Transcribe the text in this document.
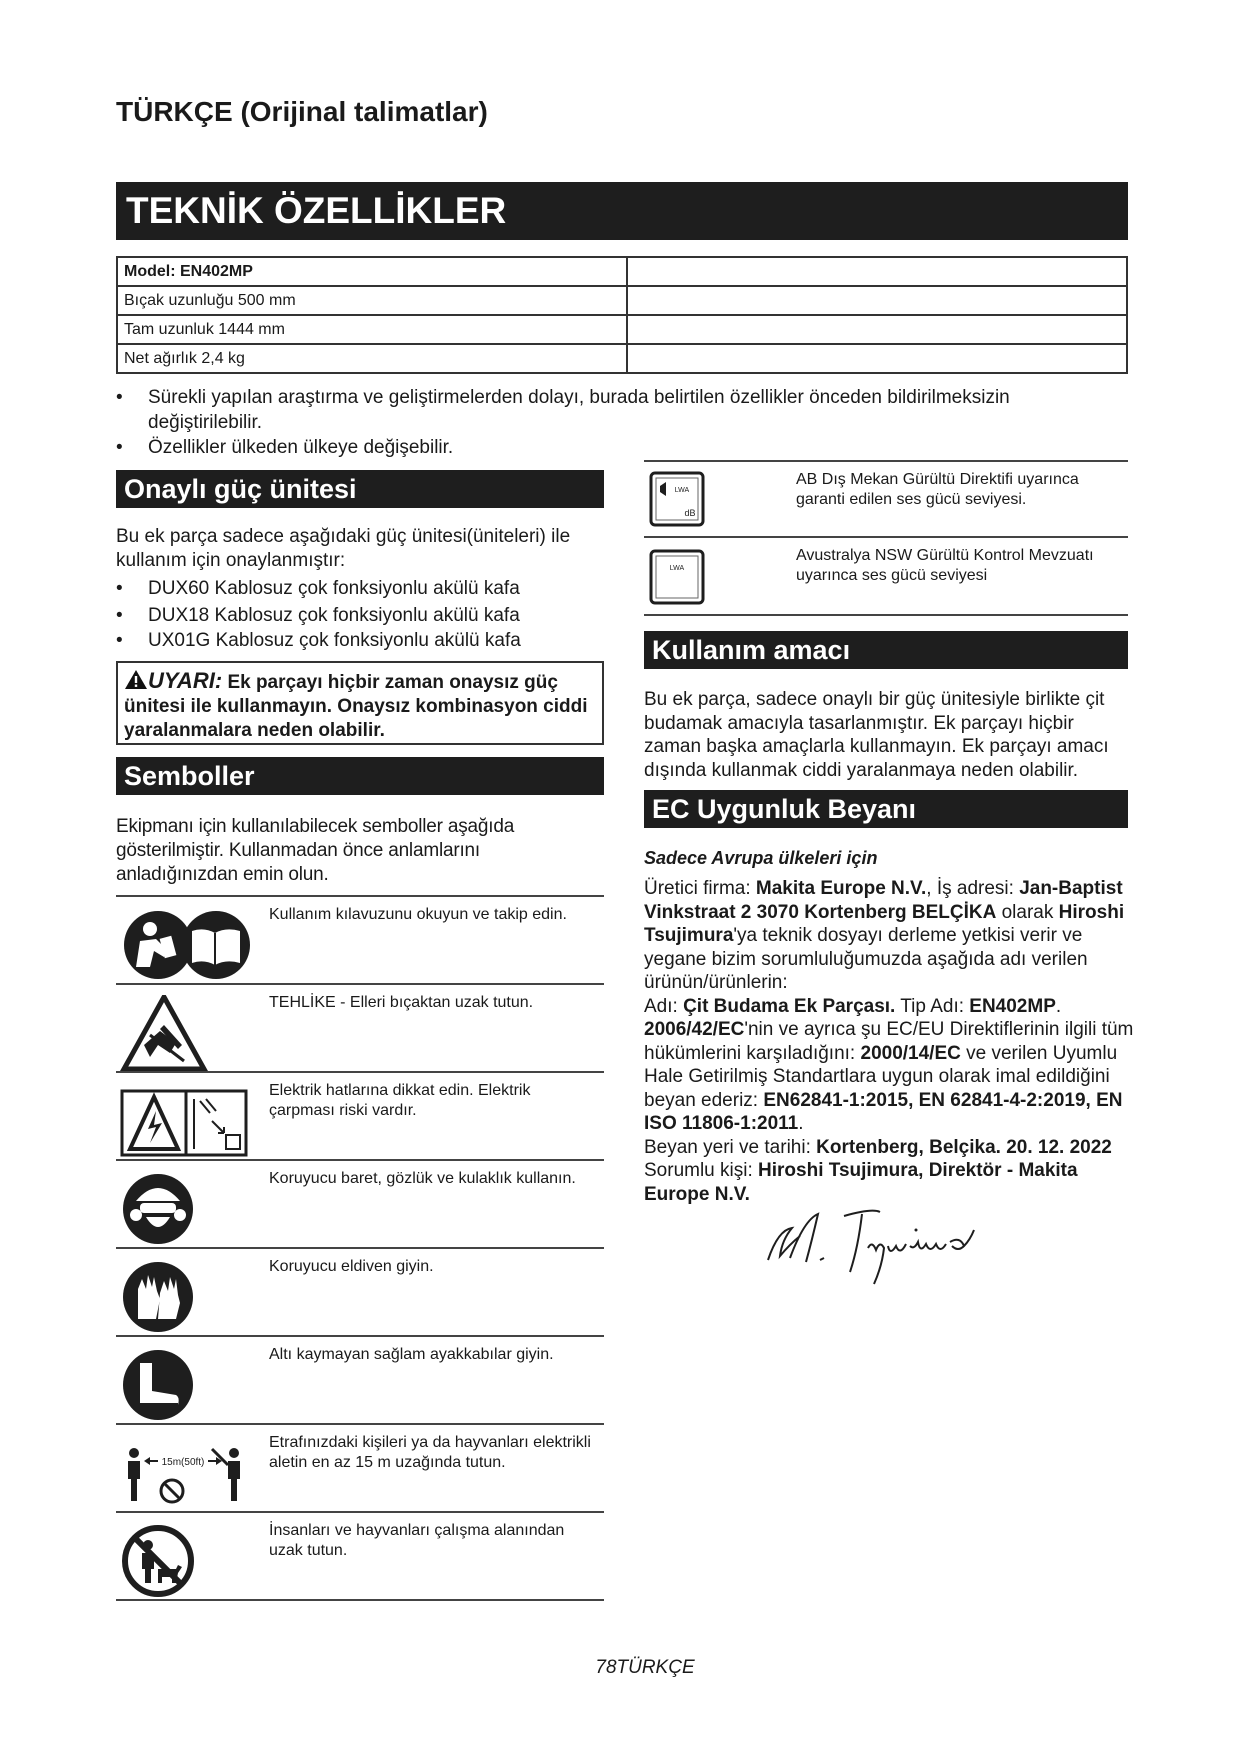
TÜRKÇE (Orijinal talimatlar)
TEKNİK ÖZELLİKLER
Model: EN402MP	
Bıçak uzunluğu 500 mm	
Tam uzunluk 1444 mm	
Net ağırlık 2,4 kg	
•	Sürekli yapılan araştırma ve geliştirmelerden dolayı, burada belirtilen özellikler önceden bildirilmeksizin değiştirilebilir.
•	Özellikler ülkeden ülkeye değişebilir.
Onaylı güç ünitesi
Bu ek parça sadece aşağıdaki güç ünitesi(üniteleri) ile kullanım için onaylanmıştır:
• DUX60 Kablosuz çok fonksiyonlu akülü kafa
• DUX18 Kablosuz çok fonksiyonlu akülü kafa
• UX01G Kablosuz çok fonksiyonlu akülü kafa
UYARI: Ek parçayı hiçbir zaman onaysız güç ünitesi ile kullanmayın. Onaysız kombinasyon ciddi yaralanmalara neden olabilir.
Semboller
Ekipmanı için kullanılabilecek semboller aşağıda gösterilmiştir. Kullanmadan önce anlamlarını anladığınızdan emin olun.
Kullanım kılavuzunu okuyun ve takip edin.
TEHLİKE - Elleri bıçaktan uzak tutun.
Elektrik hatlarına dikkat edin. Elektrik çarpması riski vardır.
Koruyucu baret, gözlük ve kulaklık kullanın.
Koruyucu eldiven giyin.
Altı kaymayan sağlam ayakkabılar giyin.
15m(50ft)
Etrafınızdaki kişileri ya da hayvanları elektrikli aletin en az 15 m uzağında tutun.
İnsanları ve hayvanları çalışma alanından uzak tutun.
LWA
dB
AB Dış Mekan Gürültü Direktifi uyarınca garanti edilen ses gücü seviyesi.
LWA
Avustralya NSW Gürültü Kontrol Mevzuatı uyarınca ses gücü seviyesi
Kullanım amacı
Bu ek parça, sadece onaylı bir güç ünitesiyle birlikte çit budamak amacıyla tasarlanmıştır. Ek parçayı hiçbir zaman başka amaçlarla kullanmayın. Ek parçayı amacı dışında kullanmak ciddi yaralanmaya neden olabilir.
EC Uygunluk Beyanı
Sadece Avrupa ülkeleri için
Üretici firma: Makita Europe N.V., İş adresi: Jan-Baptist Vinkstraat 2 3070 Kortenberg BELÇİKA olarak Hiroshi Tsujimura'ya teknik dosyayı derleme yetkisi verir ve yegane bizim sorumluluğumuzda aşağıda adı verilen ürünün/ürünlerin:
Adı: Çit Budama Ek Parçası. Tip Adı: EN402MP.
2006/42/EC'nin ve ayrıca şu EC/EU Direktiflerinin ilgili tüm hükümlerini karşıladığını: 2000/14/EC ve verilen Uyumlu Hale Getirilmiş Standartlara uygun olarak imal edildiğini beyan ederiz: EN62841-1:2015, EN 62841-4-2:2019, EN ISO 11806-1:2011.
Beyan yeri ve tarihi: Kortenberg, Belçika. 20. 12. 2022
Sorumlu kişi: Hiroshi Tsujimura, Direktör - Makita Europe N.V.
78TÜRKÇE
